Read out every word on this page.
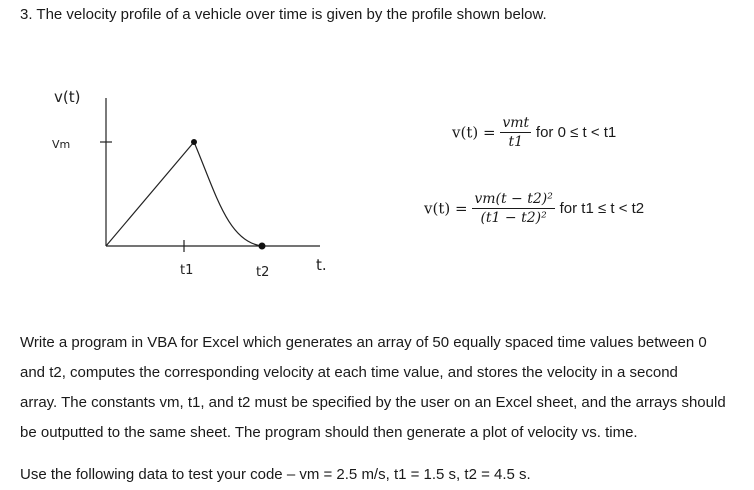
3. The velocity profile of a vehicle over time is given by the profile shown below.
v(t)
Vm
t1	t2	t.
$v(t) = \frac{\text{vmt}}{t1}$ for 0 ≤ t < t1
$v(t) = \frac{\text{vm(t − t2)²}}{\text{(t1 − t2)²}}$ for t1 ≤ t < t2
Write a program in VBA for Excel which generates an array of 50 equally spaced time values between 0
and t2, computes the corresponding velocity at each time value, and stores the velocity in a second
array. The constants vm, t1, and t2 must be specified by the user on an Excel sheet, and the arrays should
be outputted to the same sheet. The program should then generate a plot of velocity vs. time.
Use the following data to test your code – vm = 2.5 m/s, t1 = 1.5 s, t2 = 4.5 s.
